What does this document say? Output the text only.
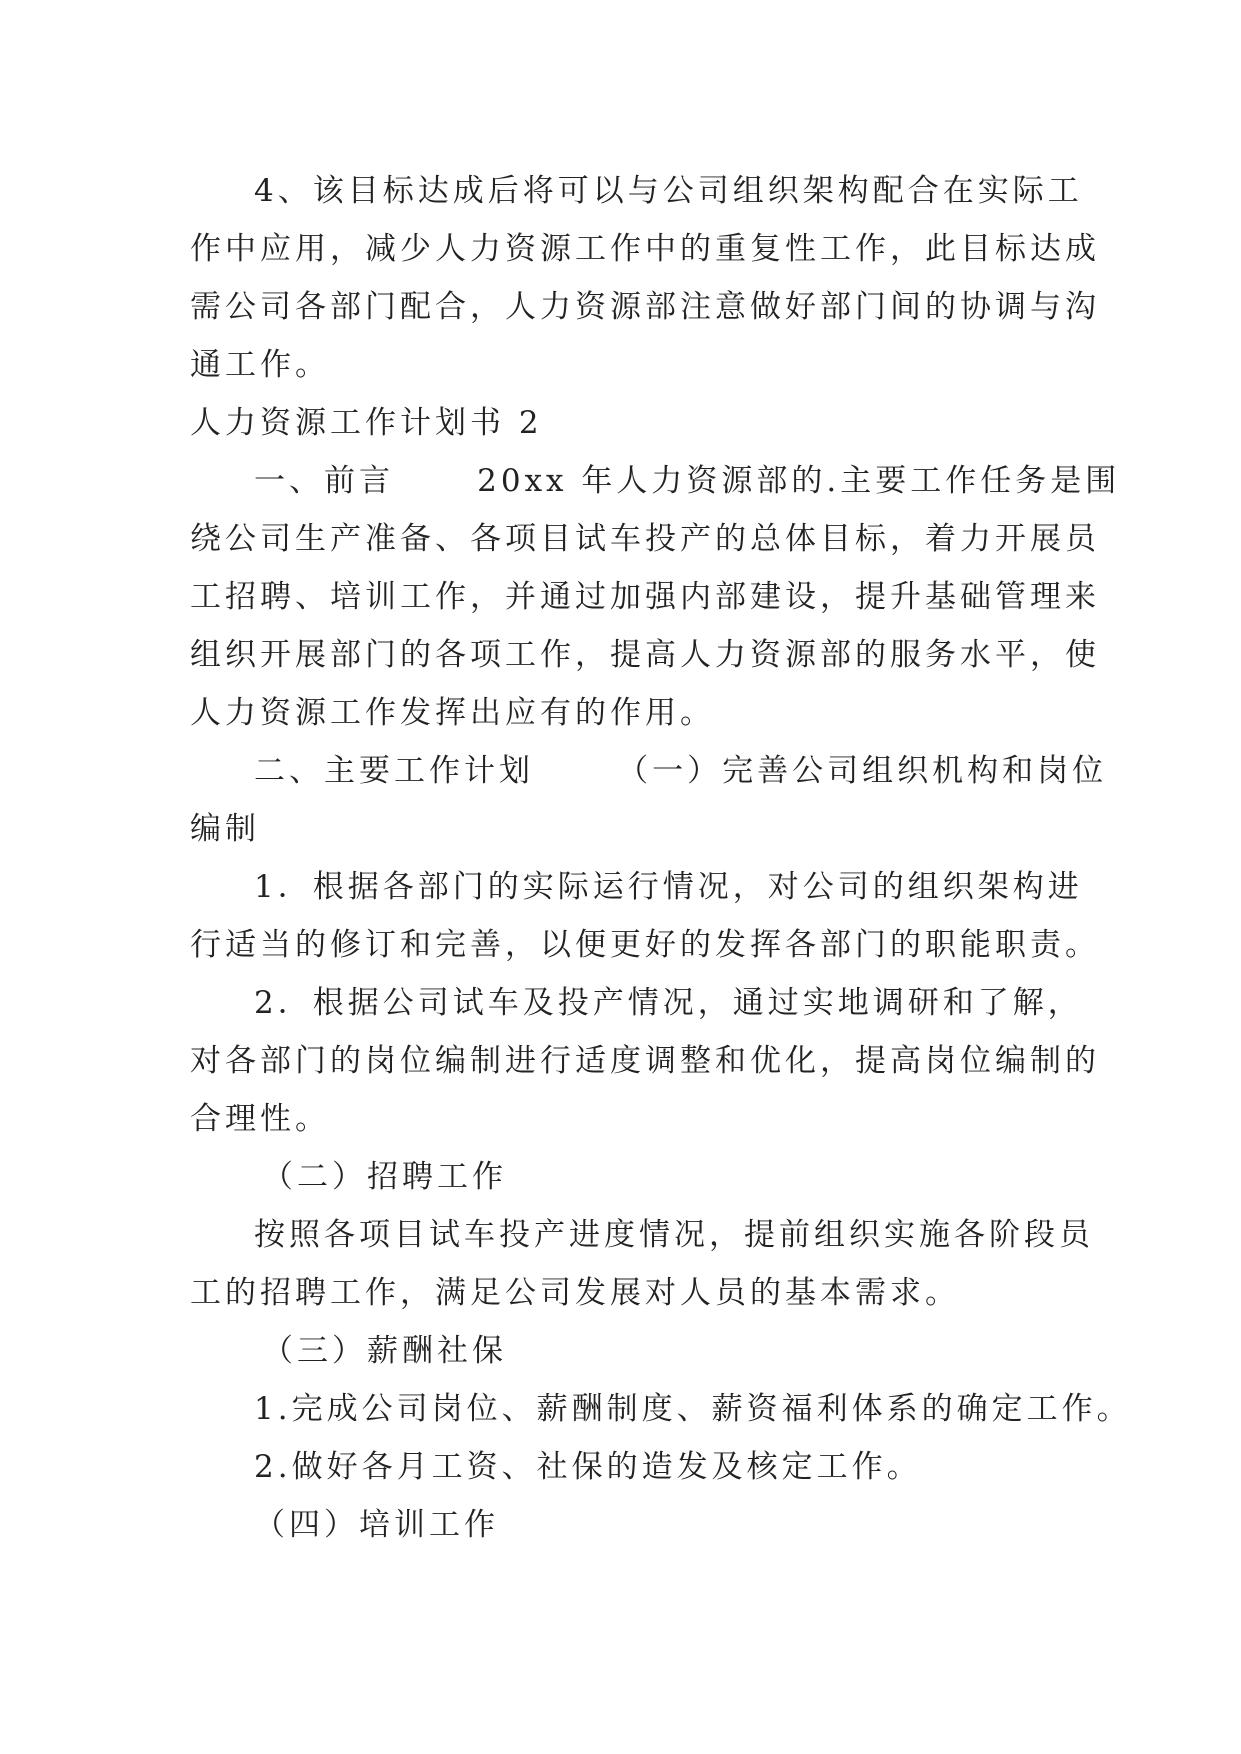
4、该目标达成后将可以与公司组织架构配合在实际工
作中应用，减少人力资源工作中的重复性工作，此目标达成
需公司各部门配合，人力资源部注意做好部门间的协调与沟
通工作。
人力资源工作计划书 2
一、前言      20xx 年人力资源部的.主要工作任务是围
绕公司生产准备、各项目试车投产的总体目标，着力开展员
工招聘、培训工作，并通过加强内部建设，提升基础管理来
组织开展部门的各项工作，提高人力资源部的服务水平，使
人力资源工作发挥出应有的作用。
二、主要工作计划      （一）完善公司组织机构和岗位
编制
1．根据各部门的实际运行情况，对公司的组织架构进
行适当的修订和完善，以便更好的发挥各部门的职能职责。
2．根据公司试车及投产情况，通过实地调研和了解，
对各部门的岗位编制进行适度调整和优化，提高岗位编制的
合理性。
（二）招聘工作
按照各项目试车投产进度情况，提前组织实施各阶段员
工的招聘工作，满足公司发展对人员的基本需求。
（三）薪酬社保
1.完成公司岗位、薪酬制度、薪资福利体系的确定工作。
2.做好各月工资、社保的造发及核定工作。
（四）培训工作
